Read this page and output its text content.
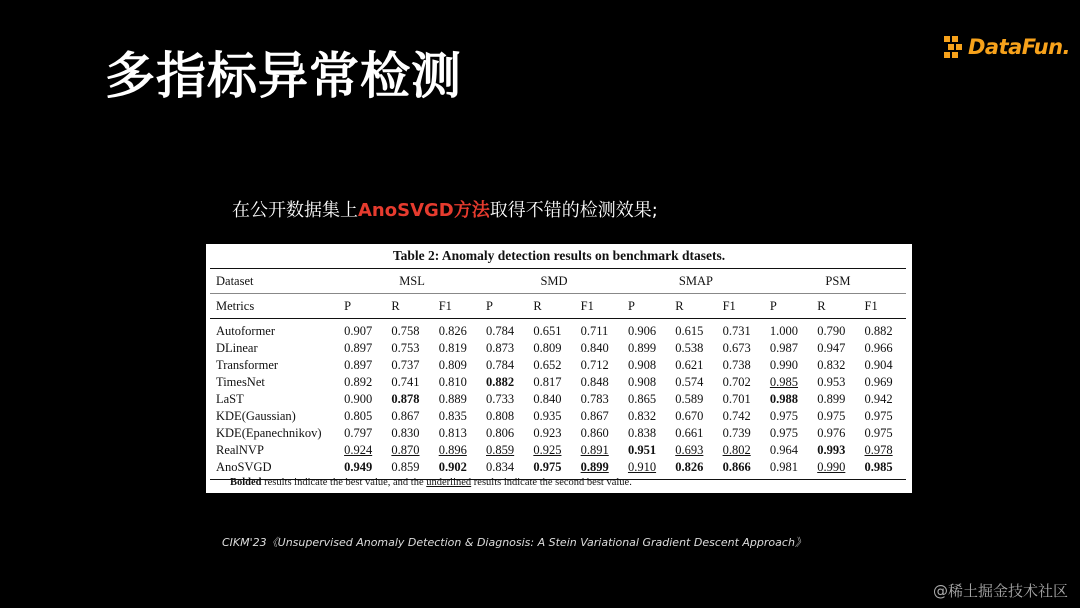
多指标异常检测	DataFun.
在公开数据集上AnoSVGD方法取得不错的检测效果;
Table 2: Anomaly detection results on benchmark dtasets.
Dataset	MSL			SMD			SMAP			PSM		
Metrics	P	R	F1	P	R	F1	P	R	F1	P	R	F1
Autoformer	0.907	0.758	0.826	0.784	0.651	0.711	0.906	0.615	0.731	1.000	0.790	0.882
DLinear	0.897	0.753	0.819	0.873	0.809	0.840	0.899	0.538	0.673	0.987	0.947	0.966
Transformer	0.897	0.737	0.809	0.784	0.652	0.712	0.908	0.621	0.738	0.990	0.832	0.904
TimesNet	0.892	0.741	0.810	0.882	0.817	0.848	0.908	0.574	0.702	0.985	0.953	0.969
LaST	0.900	0.878	0.889	0.733	0.840	0.783	0.865	0.589	0.701	0.988	0.899	0.942
KDE(Gaussian)	0.805	0.867	0.835	0.808	0.935	0.867	0.832	0.670	0.742	0.975	0.975	0.975
KDE(Epanechnikov)	0.797	0.830	0.813	0.806	0.923	0.860	0.838	0.661	0.739	0.975	0.976	0.975
RealNVP	0.924	0.870	0.896	0.859	0.925	0.891	0.951	0.693	0.802	0.964	0.993	0.978
AnoSVGD	0.949	0.859	0.902	0.834	0.975	0.899	0.910	0.826	0.866	0.981	0.990	0.985
Bolded results indicate the best value, and the underlined results indicate the second best value.
CIKM'23《Unsupervised Anomaly Detection & Diagnosis: A Stein Variational Gradient Descent Approach》
@稀土掘金技术社区
